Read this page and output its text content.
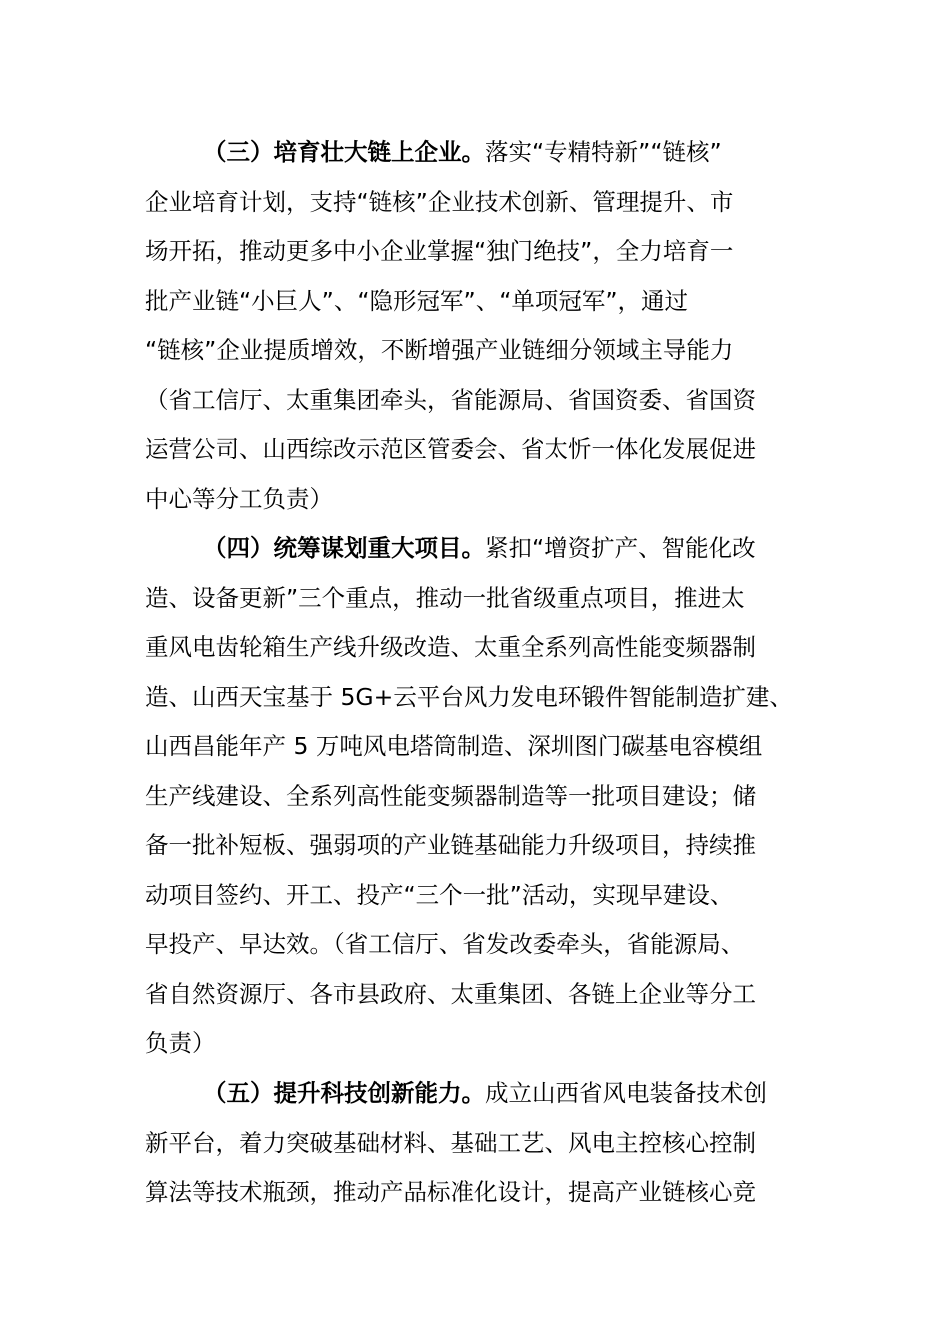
（三）培育壮大链上企业。落实“专精特新”“链核”
企业培育计划，支持“链核”企业技术创新、管理提升、市
场开拓，推动更多中小企业掌握“独门绝技”，全力培育一
批产业链“小巨人”、“隐形冠军”、“单项冠军”，通过
“链核”企业提质增效，不断增强产业链细分领域主导能力
（省工信厅、太重集团牵头，省能源局、省国资委、省国资
运营公司、山西综改示范区管委会、省太忻一体化发展促进
中心等分工负责）
（四）统筹谋划重大项目。紧扣“增资扩产、智能化改
造、设备更新”三个重点，推动一批省级重点项目，推进太
重风电齿轮箱生产线升级改造、太重全系列高性能变频器制
造、山西天宝基于 5G+云平台风力发电环锻件智能制造扩建、
山西昌能年产 5 万吨风电塔筒制造、深圳图门碳基电容模组
生产线建设、全系列高性能变频器制造等一批项目建设；储
备一批补短板、强弱项的产业链基础能力升级项目，持续推
动项目签约、开工、投产“三个一批”活动，实现早建设、
早投产、早达效。（省工信厅、省发改委牵头，省能源局、
省自然资源厅、各市县政府、太重集团、各链上企业等分工
负责）
（五）提升科技创新能力。成立山西省风电装备技术创
新平台，着力突破基础材料、基础工艺、风电主控核心控制
算法等技术瓶颈，推动产品标准化设计，提高产业链核心竞
